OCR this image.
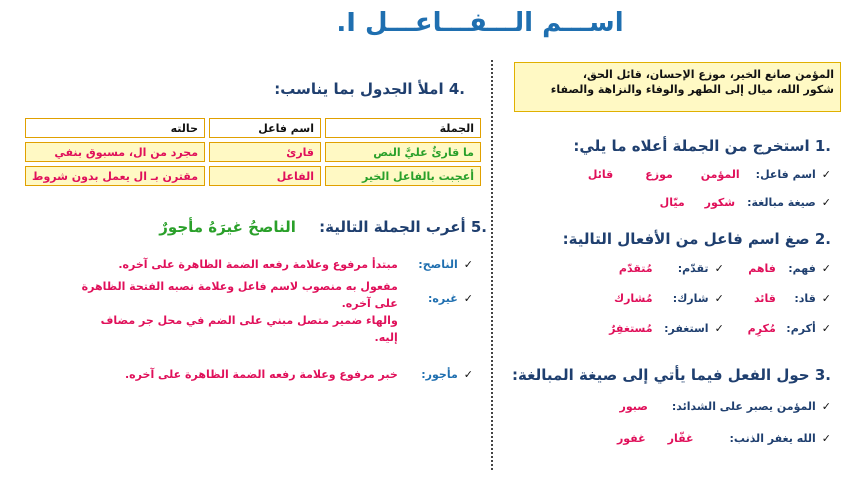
اســـم الـــفـــاعـــل I.
المؤمن صانع الخير، موزع الإحسان، قائل الحق،
شكور الله، ميال إلى الطهر والوفاء والنزاهة والصفاء
.1 استخرج من الجملة أعلاه ما يلي:
✓
اسم فاعل:
المؤمن
موزع
قائل
✓
صيغة مبالغة:
شكور
ميّال
.2 صغ اسم فاعل من الأفعال التالية:
✓
فهم:
فاهم
✓
تقدّم:
مُتقدّم
✓
قاد:
قائد
✓
شارك:
مُشارك
✓
أكرم:
مُكرِم
✓
استغفر:
مُستغفِرٌ
.3 حول الفعل فيما يأتي إلى صيغة المبالغة:
✓
المؤمن يصبر على الشدائد:
صبور
✓
الله يغفر الذنب:
غفّار
غفور
.4 املأ الجدول بما يناسب:
الجملة	اسم فاعل	حالته
ما قارئٌ عليَّ النص	قارئ	مجرد من ال، مسبوق بنفي
أعجبت بالفاعل الخير	الفاعل	مقترن بـ ال يعمل بدون شروط
.5 أعرب الجملة التالية: الناصحُ غيرَهُ مأجورٌ
✓
الناصح:
مبتدأ مرفوع وعلامة رفعه الضمة الظاهرة على آخره.
✓
غيره:
مفعول به منصوب لاسم فاعل وعلامة نصبه الفتحة الظاهرة
على آخره.
والهاء ضمير متصل مبني على الضم في محل جر مضاف
إليه.
✓
مأجور:
خبر مرفوع وعلامة رفعه الضمة الظاهرة على آخره.
